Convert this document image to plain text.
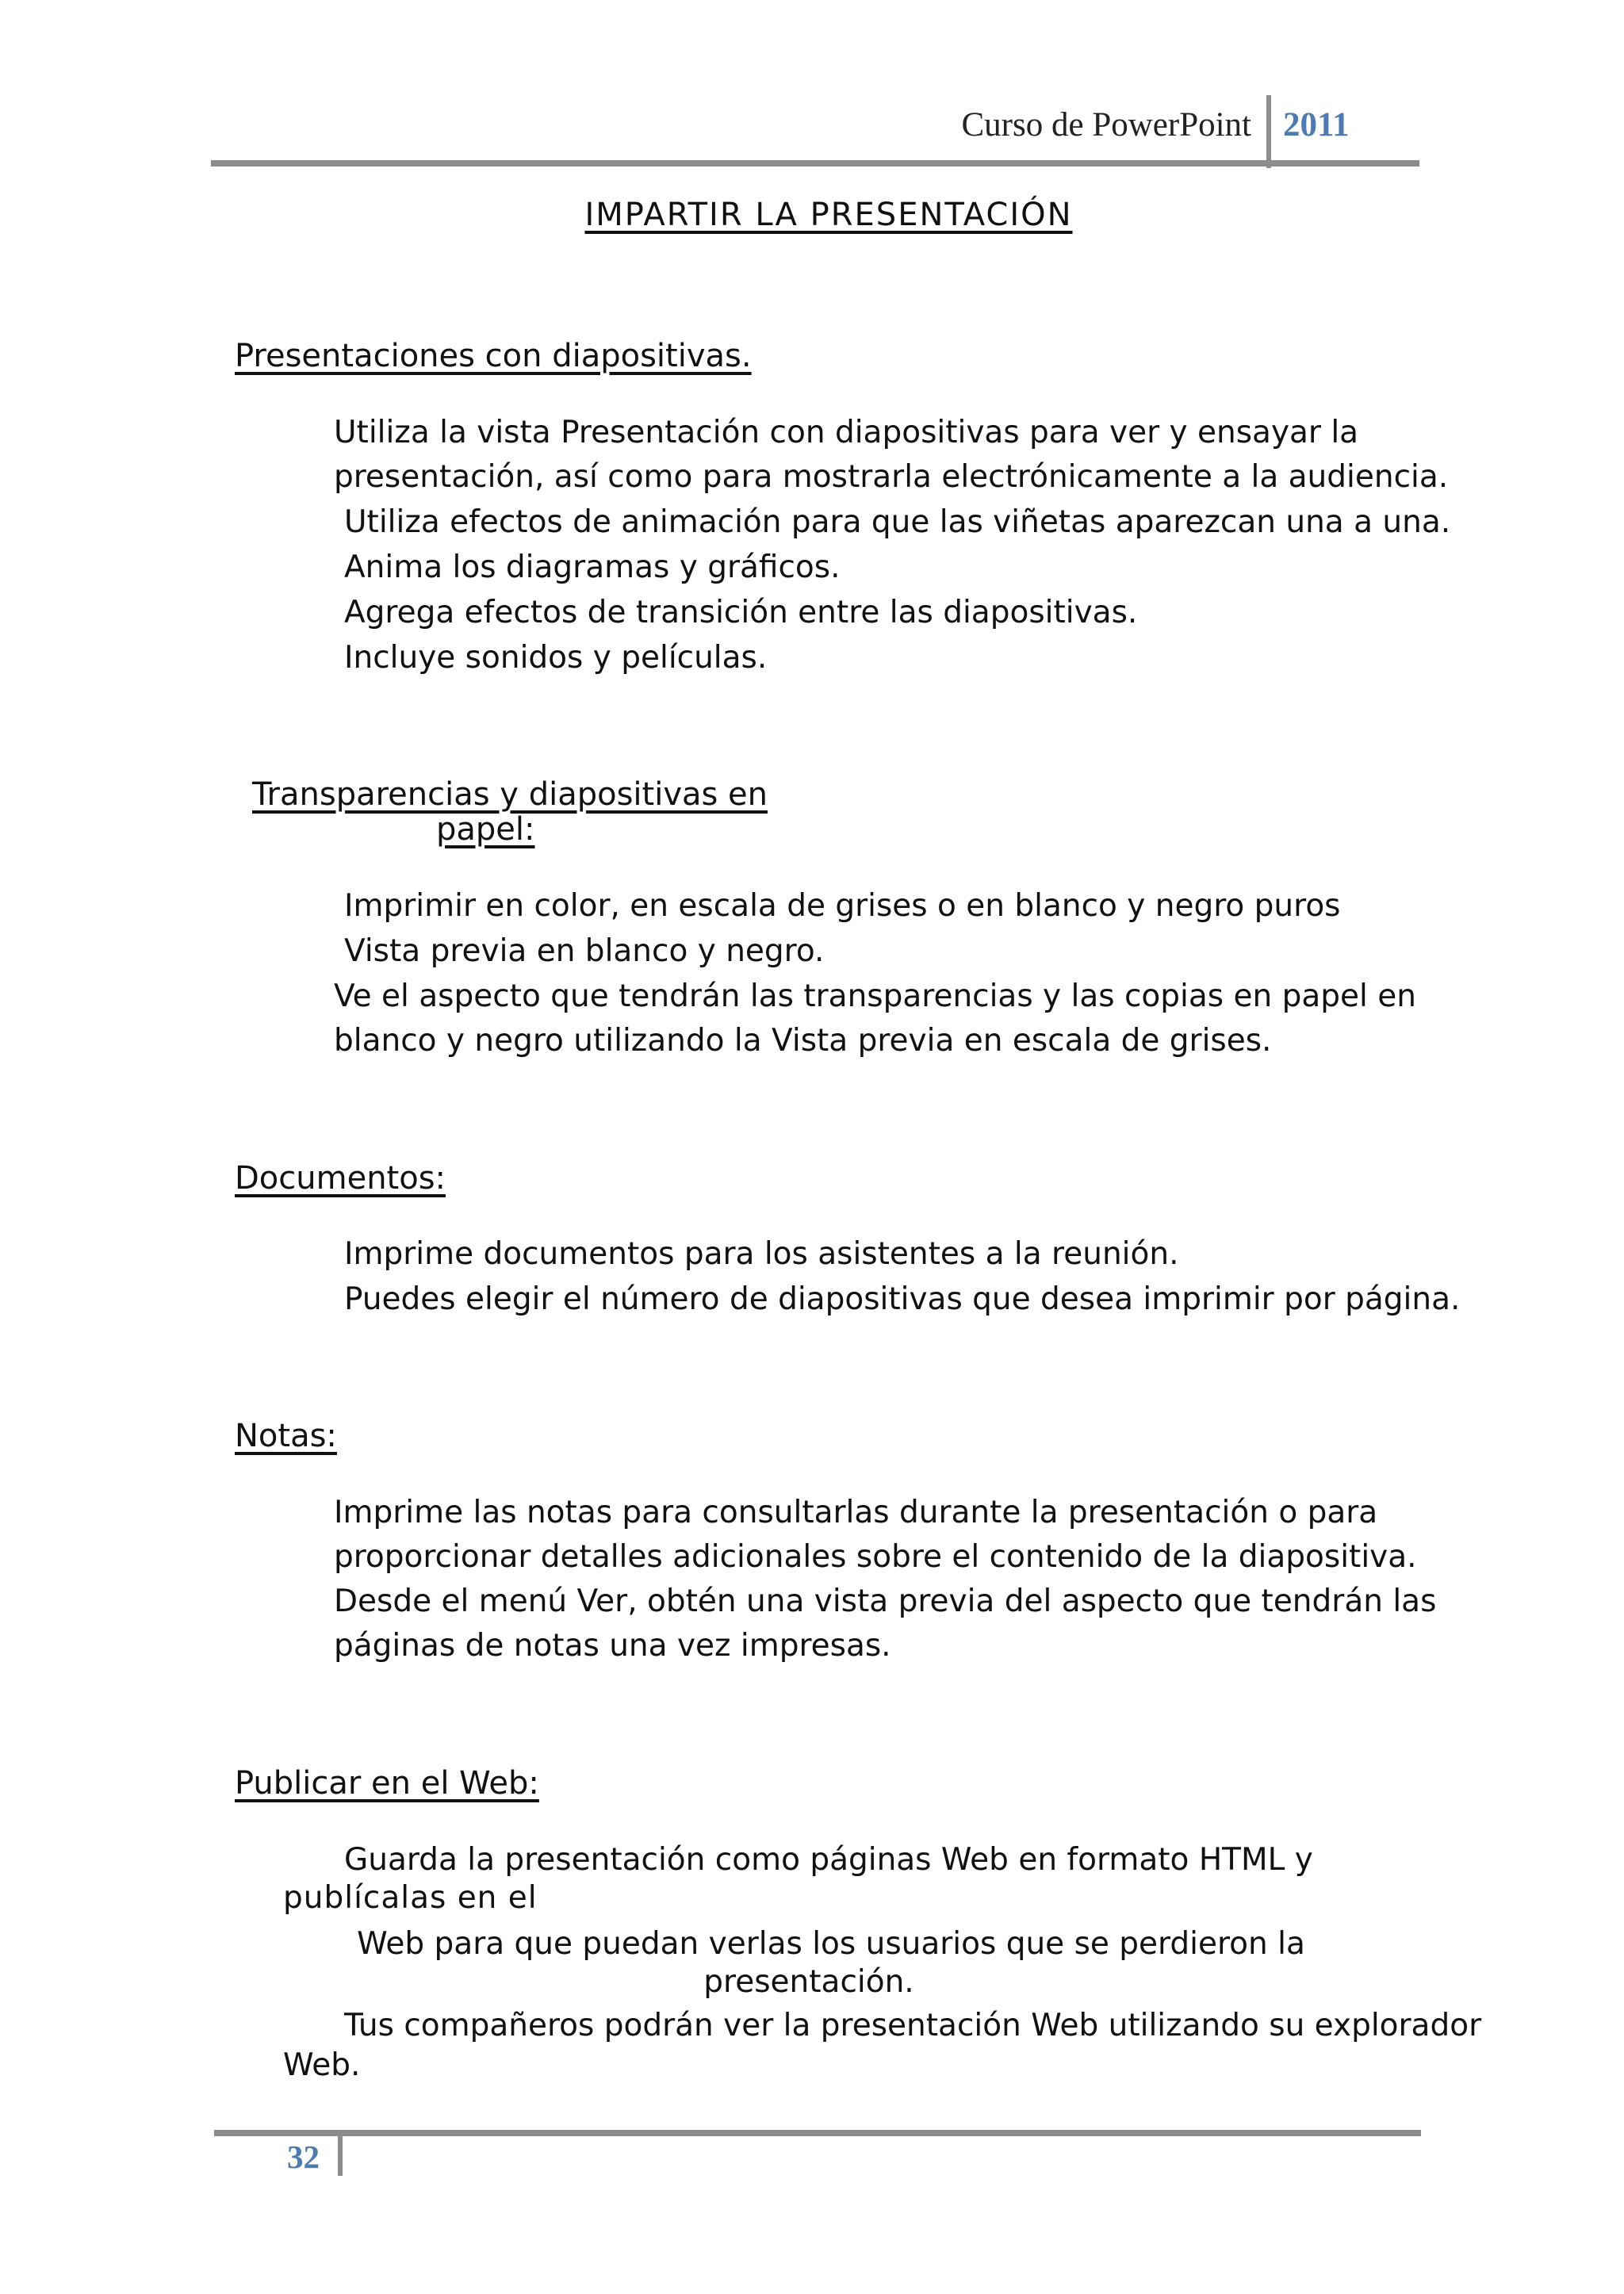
Curso de PowerPoint 2011
IMPARTIR LA PRESENTACIÓN
Presentaciones con diapositivas.
Utiliza la vista Presentación con diapositivas para ver y ensayar la
presentación, así como para mostrarla electrónicamente a la audiencia.
Utiliza efectos de animación para que las viñetas aparezcan una a una.
Anima los diagramas y gráficos.
Agrega efectos de transición entre las diapositivas.
Incluye sonidos y películas.
Transparencias y diapositivas en
papel:
Imprimir en color, en escala de grises o en blanco y negro puros
Vista previa en blanco y negro.
Ve el aspecto que tendrán las transparencias y las copias en papel en
blanco y negro utilizando la Vista previa en escala de grises.
Documentos:
Imprime documentos para los asistentes a la reunión.
Puedes elegir el número de diapositivas que desea imprimir por página.
Notas:
Imprime las notas para consultarlas durante la presentación o para
proporcionar detalles adicionales sobre el contenido de la diapositiva.
Desde el menú Ver, obtén una vista previa del aspecto que tendrán las
páginas de notas una vez impresas.
Publicar en el Web:
Guarda la presentación como páginas Web en formato HTML y
publícalas en el
Web para que puedan verlas los usuarios que se perdieron la
presentación.
Tus compañeros podrán ver la presentación Web utilizando su explorador
Web.
32
